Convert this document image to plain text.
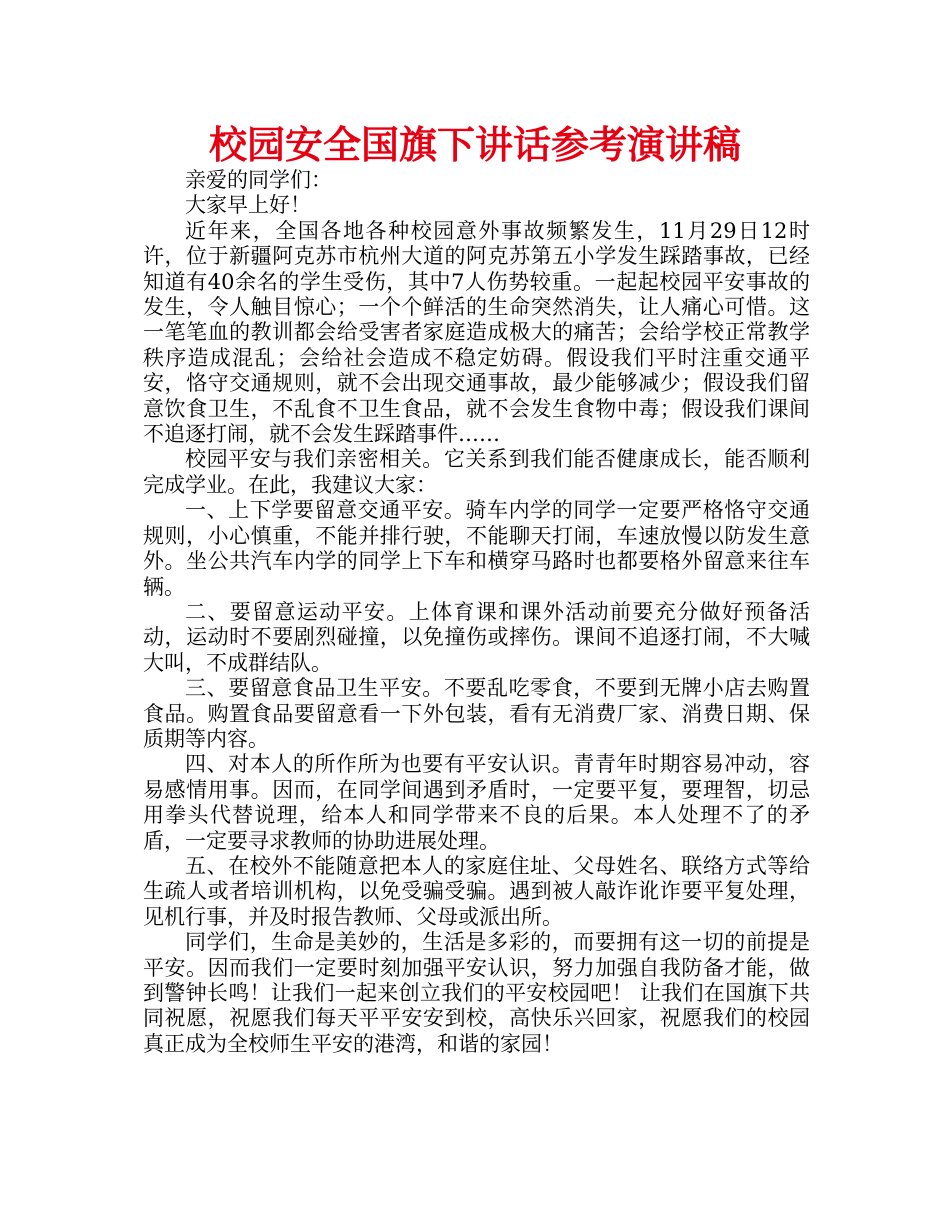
校园安全国旗下讲话参考演讲稿

亲爱的同学们：

大家早上好！

近年来，全国各地各种校园意外事故频繁发生，11月29日12时许，位于新疆阿克苏市杭州大道的阿克苏第五小学发生踩踏事故，已经知道有40余名的学生受伤，其中7人伤势较重。一起起校园平安事故的发生，令人触目惊心；一个个鲜活的生命突然消失，让人痛心可惜。这一笔笔血的教训都会给受害者家庭造成极大的痛苦；会给学校正常教学秩序造成混乱；会给社会造成不稳定妨碍。假设我们平时注重交通平安，恪守交通规则，就不会出现交通事故，最少能够减少；假设我们留意饮食卫生，不乱食不卫生食品，就不会发生食物中毒；假设我们课间不追逐打闹，就不会发生踩踏事件……

校园平安与我们亲密相关。它关系到我们能否健康成长，能否顺利完成学业。在此，我建议大家：

一、上下学要留意交通平安。骑车内学的同学一定要严格恪守交通规则，小心慎重，不能并排行驶，不能聊天打闹，车速放慢以防发生意外。坐公共汽车内学的同学上下车和横穿马路时也都要格外留意来往车辆。

二、要留意运动平安。上体育课和课外活动前要充分做好预备活动，运动时不要剧烈碰撞，以免撞伤或摔伤。课间不追逐打闹，不大喊大叫，不成群结队。

三、要留意食品卫生平安。不要乱吃零食，不要到无牌小店去购置食品。购置食品要留意看一下外包装，看有无消费厂家、消费日期、保质期等内容。

四、对本人的所作所为也要有平安认识。青青年时期容易冲动，容易感情用事。因而，在同学间遇到矛盾时，一定要平复，要理智，切忌用拳头代替说理，给本人和同学带来不良的后果。本人处理不了的矛盾，一定要寻求教师的协助进展处理。

五、在校外不能随意把本人的家庭住址、父母姓名、联络方式等给生疏人或者培训机构，以免受骗受骗。遇到被人敲诈讹诈要平复处理，见机行事，并及时报告教师、父母或派出所。

同学们，生命是美妙的，生活是多彩的，而要拥有这一切的前提是平安。因而我们一定要时刻加强平安认识，努力加强自我防备才能，做到警钟长鸣！让我们一起来创立我们的平安校园吧！ 让我们在国旗下共同祝愿，祝愿我们每天平平安安到校，高快乐兴回家，祝愿我们的校园真正成为全校师生平安的港湾，和谐的家园！
